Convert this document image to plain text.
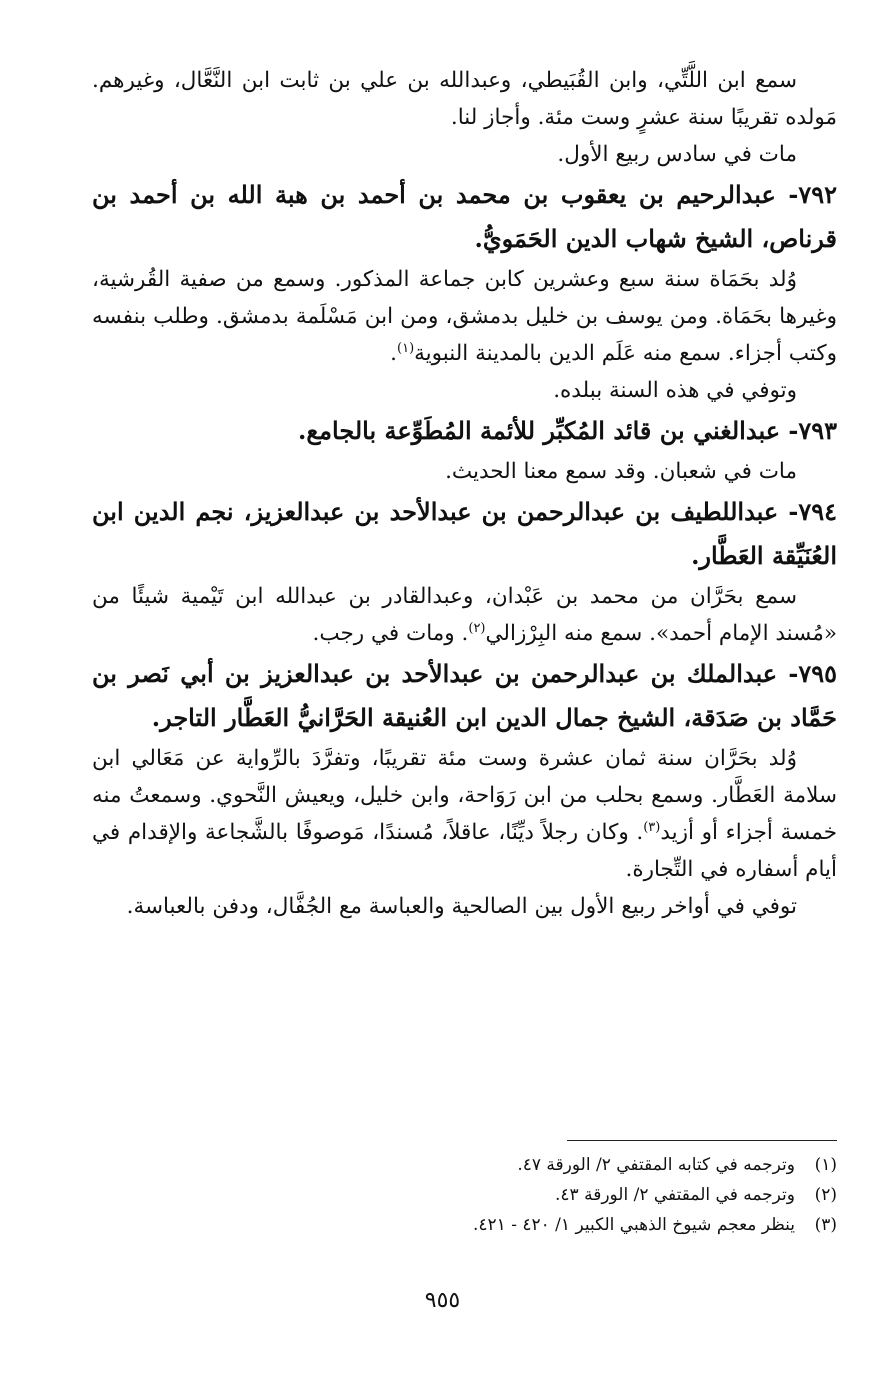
سمع ابن اللَّتِّي، وابن القُبَيطي، وعبدالله بن علي بن ثابت ابن النَّعَّال، وغيرهم. مَولده تقريبًا سنة عشرٍ وست مئة. وأجاز لنا.

مات في سادس ربيع الأول.

٧٩٢- عبدالرحيم بن يعقوب بن محمد بن أحمد بن هبة الله بن أحمد بن قرناص، الشيخ شهاب الدين الحَمَويُّ.

وُلد بحَمَاة سنة سبع وعشرين كابن جماعة المذكور. وسمع من صفية القُرشية، وغيرها بحَمَاة. ومن يوسف بن خليل بدمشق، ومن ابن مَسْلَمة بدمشق. وطلب بنفسه وكتب أجزاء. سمع منه عَلَم الدين بالمدينة النبوية$^{(١)}$.

وتوفي في هذه السنة ببلده.

٧٩٣- عبدالغني بن قائد المُكبِّر للأئمة المُطَوِّعة بالجامع.

مات في شعبان. وقد سمع معنا الحديث.

٧٩٤- عبداللطيف بن عبدالرحمن بن عبدالأحد بن عبدالعزيز، نجم الدين ابن العُنَيِّقة العَطَّار.

سمع بحَرَّان من محمد بن عَبْدان، وعبدالقادر بن عبدالله ابن تَيْمية شيئًا من «مُسند الإمام أحمد». سمع منه البِرْزالي$^{(٢)}$. ومات في رجب.

٧٩٥- عبدالملك بن عبدالرحمن بن عبدالأحد بن عبدالعزيز بن أبي نَصر بن حَمَّاد بن صَدَقة، الشيخ جمال الدين ابن العُنيقة الحَرَّانيُّ العَطَّار التاجر.

وُلد بحَرَّان سنة ثمان عشرة وست مئة تقريبًا، وتفرَّدَ بالرِّواية عن مَعَالي ابن سلامة العَطَّار. وسمع بحلب من ابن رَوَاحة، وابن خليل، ويعيش النَّحوي. وسمعتُ منه خمسة أجزاء أو أزيد$^{(٣)}$. وكان رجلاً ديِّنًا، عاقلاً، مُسندًا، مَوصوفًا بالشَّجاعة والإقدام في أيام أسفاره في التِّجارة.

توفي في أواخر ربيع الأول بين الصالحية والعباسة مع الجُفَّال، ودفن بالعباسة.

(١)
وترجمه في كتابه المقتفي ٢/ الورقة ٤٧.
(٢)
وترجمه في المقتفي ٢/ الورقة ٤٣.
(٣)
ينظر معجم شيوخ الذهبي الكبير ١/ ٤٢٠ - ٤٢١.
٩٥٥
